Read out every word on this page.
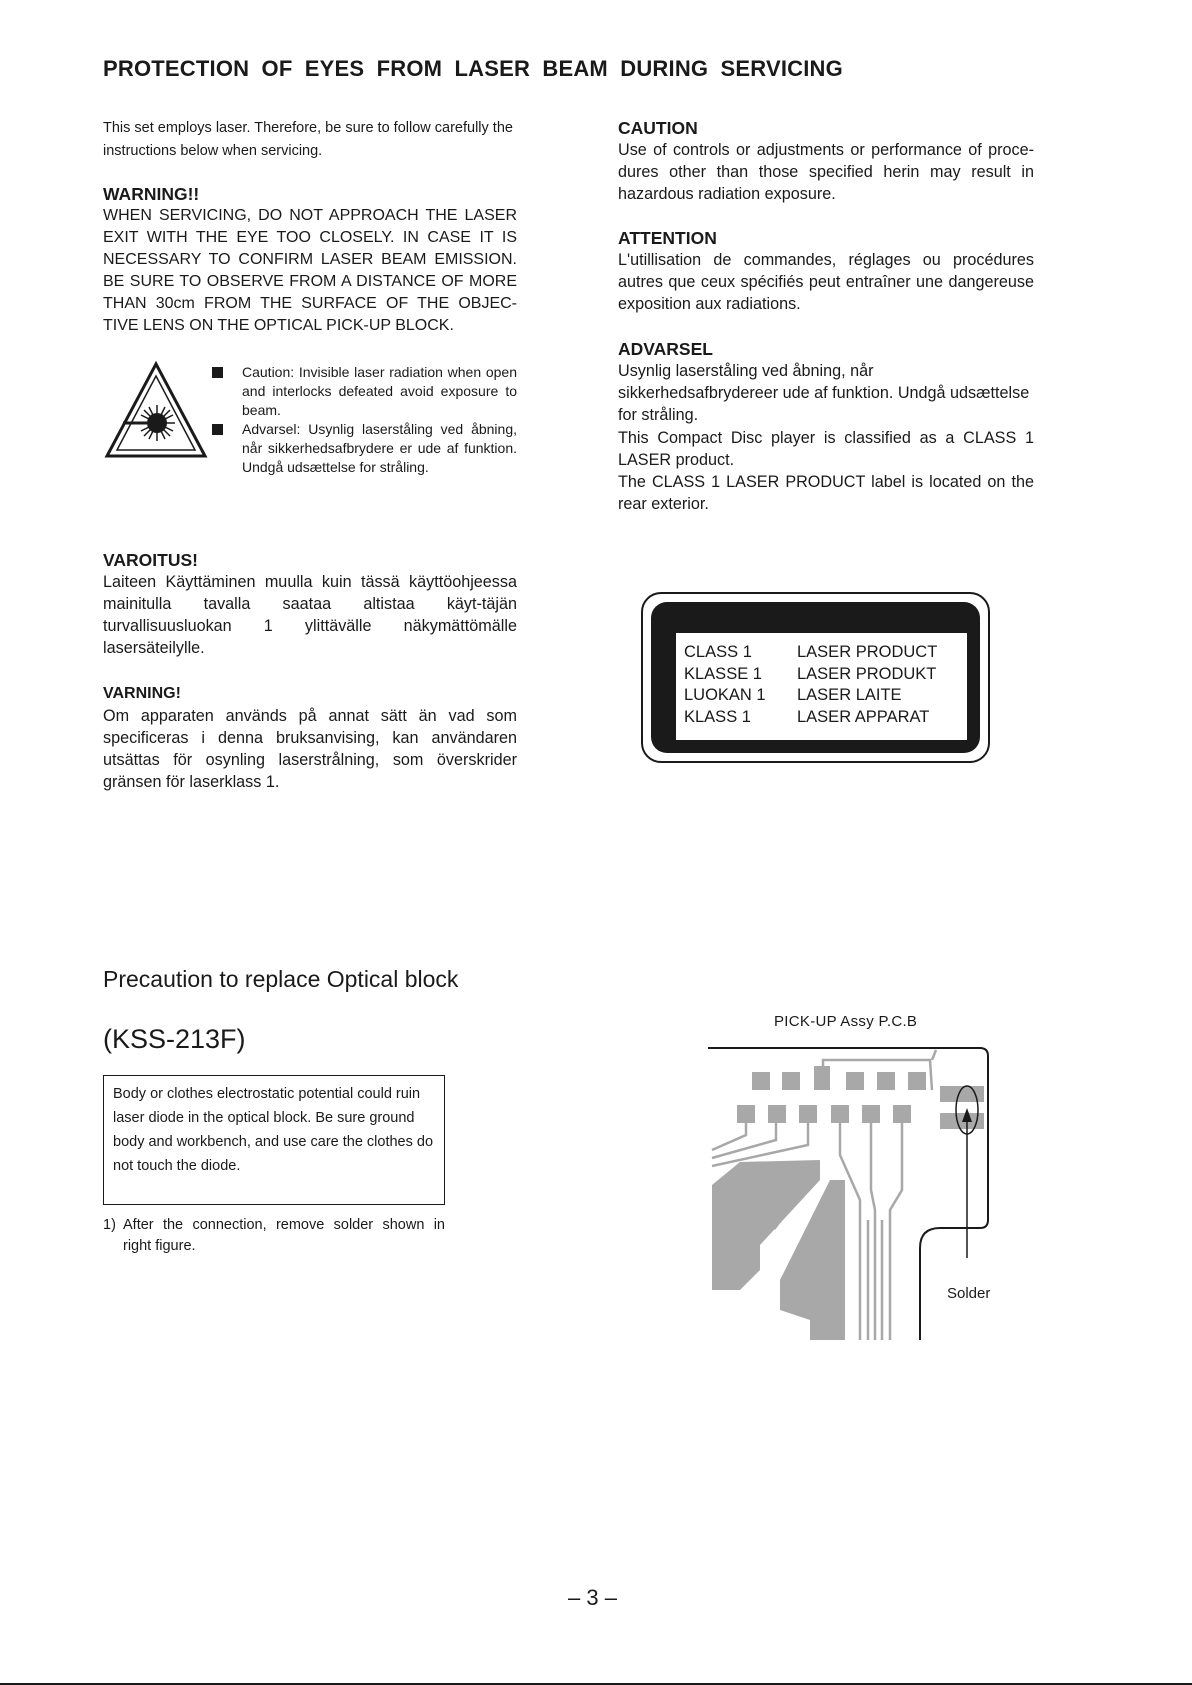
PROTECTION OF EYES FROM LASER BEAM DURING SERVICING
This set employs laser. Therefore, be sure to follow carefully the instructions below when servicing.

WARNING!!

WHEN SERVICING, DO NOT APPROACH THE LASER EXIT WITH THE EYE TOO CLOSELY. IN CASE IT IS NECESSARY TO CONFIRM LASER BEAM EMISSION. BE SURE TO OBSERVE FROM A DISTANCE OF MORE THAN 30cm FROM THE SURFACE OF THE OBJEC-TIVE LENS ON THE OPTICAL PICK-UP BLOCK.

Caution: Invisible laser radiation when open and interlocks defeated avoid exposure to beam.
Advarsel: Usynlig laserståling ved åbning, når sikkerhedsafbrydere er ude af funktion. Undgå udsættelse for stråling.

VAROITUS!

Laiteen Käyttäminen muulla kuin tässä käyttöohjeessa mainitulla tavalla saataa altistaa käyt-täjän turvallisuusluokan 1 ylittävälle näkymättömälle lasersäteilylle.

VARNING!

Om apparaten används på annat sätt än vad som specificeras i denna bruksanvising, kan användaren utsättas för osynling laserstrålning, som överskrider gränsen för laserklass 1.

CAUTION

Use of controls or adjustments or performance of proce-dures other than those specified herin may result in hazardous radiation exposure.

ATTENTION

L'utillisation de commandes, réglages ou procédures autres que ceux spécifiés peut entraîner une dangereuse exposition aux radiations.

ADVARSEL

Usynlig laserståling ved åbning, når sikkerhedsafbrydereer ude af funktion. Undgå udsættelse for stråling.

This Compact Disc player is classified as a CLASS 1 LASER product.

The CLASS 1 LASER PRODUCT label is located on the rear exterior.

CLASS 1	LASER PRODUCT
KLASSE 1	LASER PRODUKT
LUOKAN 1	LASER LAITE
KLASS 1	LASER APPARAT
Precaution to replace Optical block
(KSS-213F)
Body or clothes electrostatic potential could ruin laser diode in the optical block. Be sure ground body and workbench, and use care the clothes do not touch the diode.
1) After the connection, remove solder shown in right figure.
PICK-UP Assy P.C.B
Solder
– 3 –
